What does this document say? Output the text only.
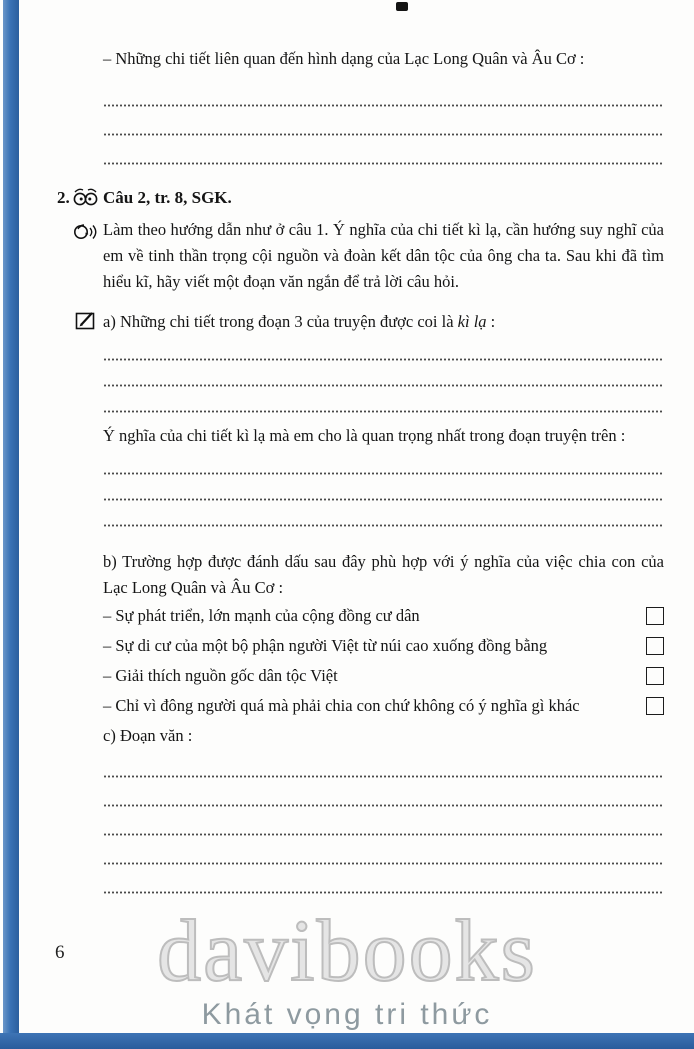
– Những chi tiết liên quan đến hình dạng của Lạc Long Quân và Âu Cơ :

2. Câu 2, tr. 8, SGK.

Làm theo hướng dẫn như ở câu 1. Ý nghĩa của chi tiết kì lạ, cần hướng suy nghĩ của em về tinh thần trọng cội nguồn và đoàn kết dân tộc của ông cha ta. Sau khi đã tìm hiểu kĩ, hãy viết một đoạn văn ngắn để trả lời câu hỏi.

a) Những chi tiết trong đoạn 3 của truyện được coi là kì lạ :

Ý nghĩa của chi tiết kì lạ mà em cho là quan trọng nhất trong đoạn truyện trên :

b) Trường hợp được đánh dấu sau đây phù hợp với ý nghĩa của việc chia con của Lạc Long Quân và Âu Cơ :

– Sự phát triển, lớn mạnh của cộng đồng cư dân
– Sự di cư của một bộ phận người Việt từ núi cao xuống đồng bằng
– Giải thích nguồn gốc dân tộc Việt
– Chỉ vì đông người quá mà phải chia con chứ không có ý nghĩa gì khác

c) Đoạn văn :

6	davibooks
Khát vọng tri thức
